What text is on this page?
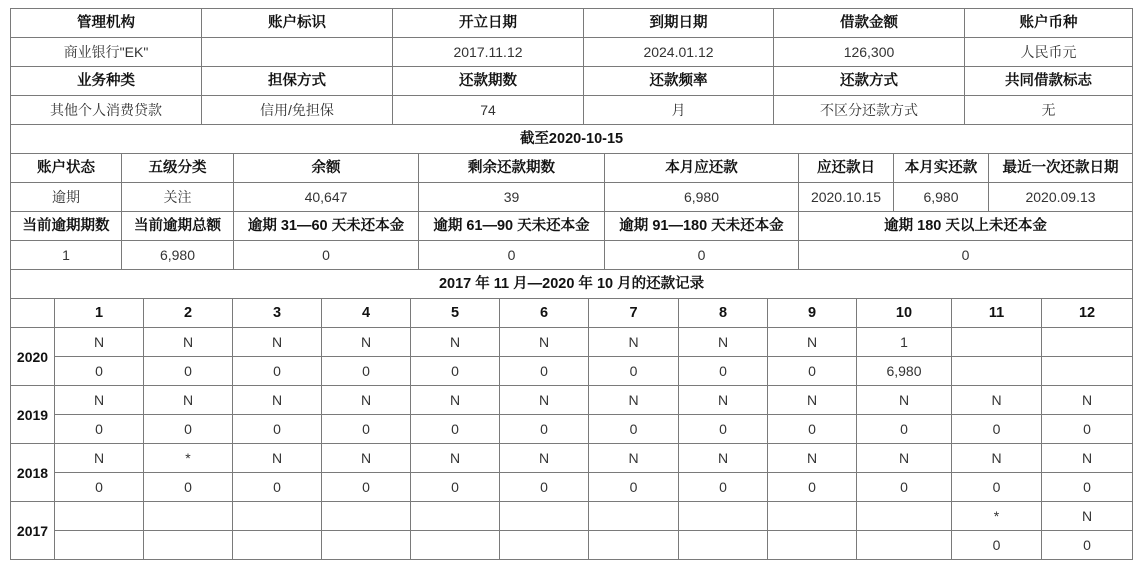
管理机构	账户标识	开立日期	到期日期	借款金额	账户币种
商业银行"EK"		2017.11.12	2024.01.12	126,300	人民币元
业务种类	担保方式	还款期数	还款频率	还款方式	共同借款标志
其他个人消费贷款	信用/免担保	74	月	不区分还款方式	无
截至2020-10-15							
账户状态	五级分类	余额	剩余还款期数	本月应还款	应还款日	本月实还款	最近一次还款日期
逾期	关注	40,647	39	6,980	2020.10.15	6,980	2020.09.13
当前逾期期数	当前逾期总额	逾期 31—60 天未还本金	逾期 61—90 天未还本金	逾期 91—180 天未还本金	逾期 180 天以上未还本金		
1	6,980	0	0	0	0		
2017 年 11 月—2020 年 10 月的还款记录												
	1	2	3	4	5	6	7	8	9	10	11	12
2020	N	N	N	N	N	N	N	N	N	1		
	0	0	0	0	0	0	0	0	0	6,980		
2019	N	N	N	N	N	N	N	N	N	N	N	N
	0	0	0	0	0	0	0	0	0	0	0	0
2018	N	*	N	N	N	N	N	N	N	N	N	N
	0	0	0	0	0	0	0	0	0	0	0	0
2017											*	N
											0	0
